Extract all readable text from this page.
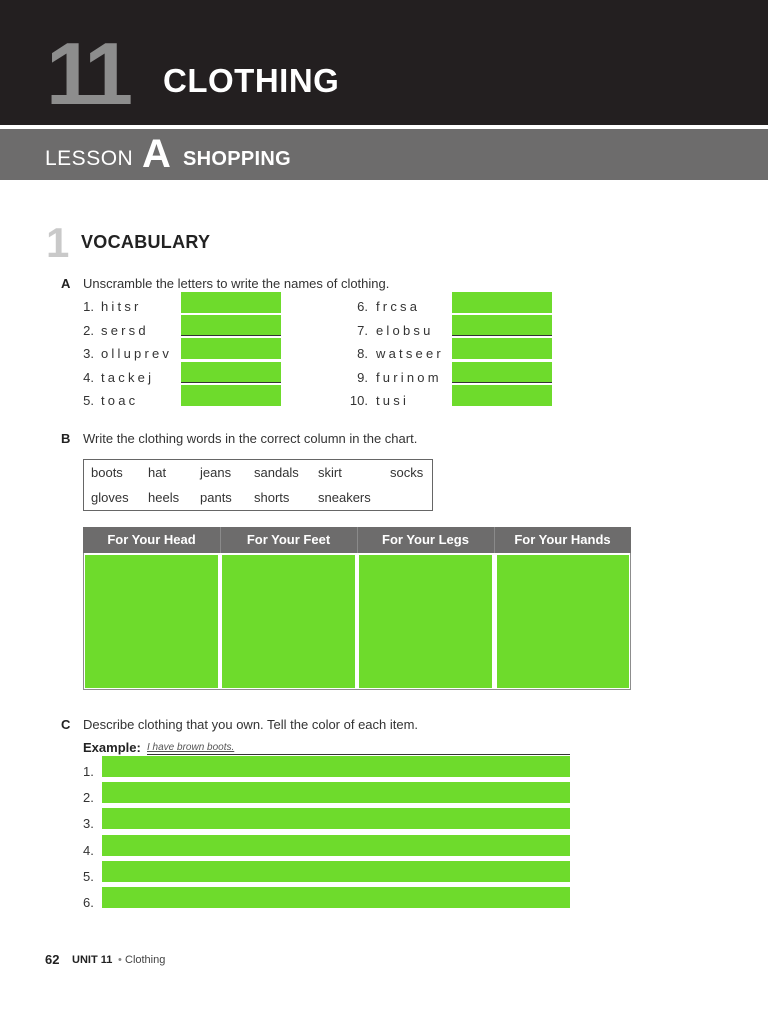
11 CLOTHING
LESSON A SHOPPING
1 VOCABULARY
A Unscramble the letters to write the names of clothing.
1. hitsr
2. sersd
3. olluprev
4. tackej
5. toac
6. frcsa
7. elobsu
8. watseer
9. furinom
10. tusi
B Write the clothing words in the correct column in the chart.
boots hat	jeans sandals skirt	socks
gloves heels pants shorts sneakers
For Your Head	For Your Feet	For Your Legs	For Your Hands
C Describe clothing that you own. Tell the color of each item.
Example: I have brown boots.
1.
2.
3.
4.
5.
6.
62 UNIT 11 • Clothing
